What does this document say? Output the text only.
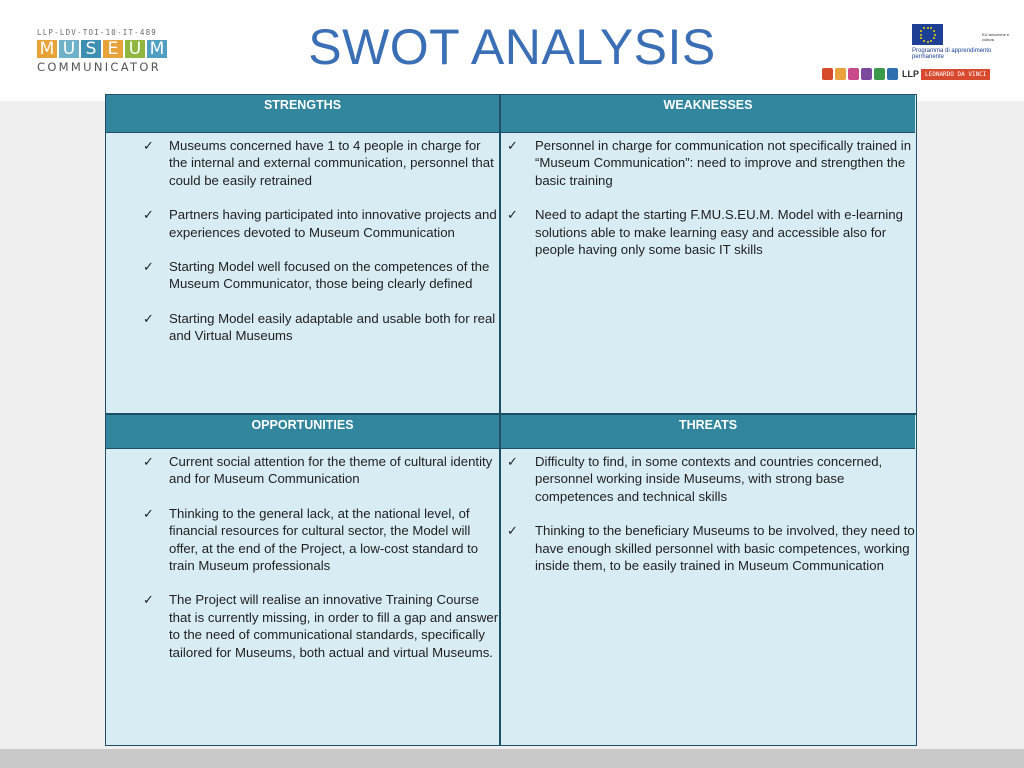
LLP-LDV-TOI-10-IT-489
M U S E U M
COMMUNICATOR	SWOT ANALYSIS	EU istruzione e cultura
Programma di apprendimento
permanente
LLP	LEONARDO DA VINCI
STRENGTHS	WEAKNESSES
OPPORTUNITIES	THREATS
✓ Museums concerned have 1 to 4 people in charge for the internal and external communication, personnel that could be easily retrained
✓ Partners having participated into innovative projects and experiences devoted to Museum Communication
✓ Starting Model well focused on the competences of the Museum Communicator, those being clearly defined
✓ Starting Model easily adaptable and usable both for real and Virtual Museums
✓ Personnel in charge for communication not specifically trained in “Museum Communication”: need to improve and strengthen the basic training
✓ Need to adapt the starting F.MU.S.EU.M. Model with e-learning solutions able to make learning easy and accessible also for people having only some basic IT skills
✓ Current social attention for the theme of cultural identity and for Museum Communication
✓ Thinking to the general lack, at the national level, of financial resources for cultural sector, the Model will offer, at the end of the Project, a low-cost standard to train Museum professionals
✓ The Project will realise an innovative Training Course that is currently missing, in order to fill a gap and answer to the need of communicational standards, specifically tailored for Museums, both actual and virtual Museums.
✓ Difficulty to find, in some contexts and countries concerned, personnel working inside Museums, with strong base competences and technical skills
✓ Thinking to the beneficiary Museums to be involved, they need to have enough skilled personnel with basic competences, working inside them, to be easily trained in Museum Communication
